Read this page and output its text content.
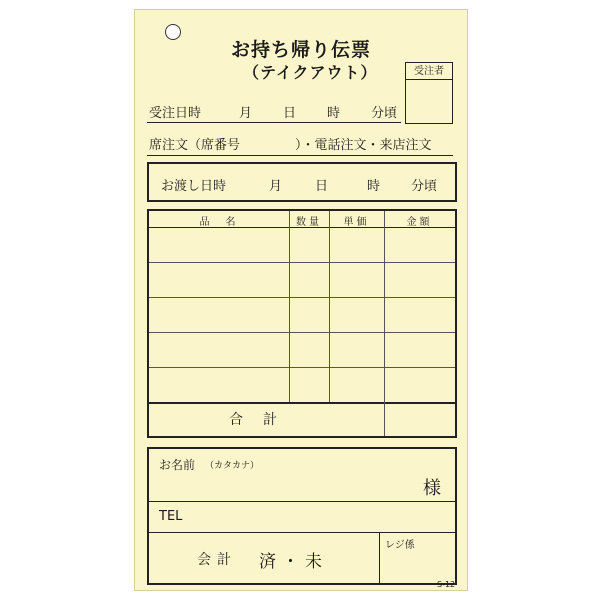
お持ち帰り伝票
（テイクアウト）	受注者
受注日時	月 日 時 分頃
席注文（席番号	）・電話注文・来店注文
お渡し日時	月	日	時 分頃
品　名	数量	単価	金額
合計
お名前 （カタカナ）
様
TEL
会計 済・未
レジ係
S-12
